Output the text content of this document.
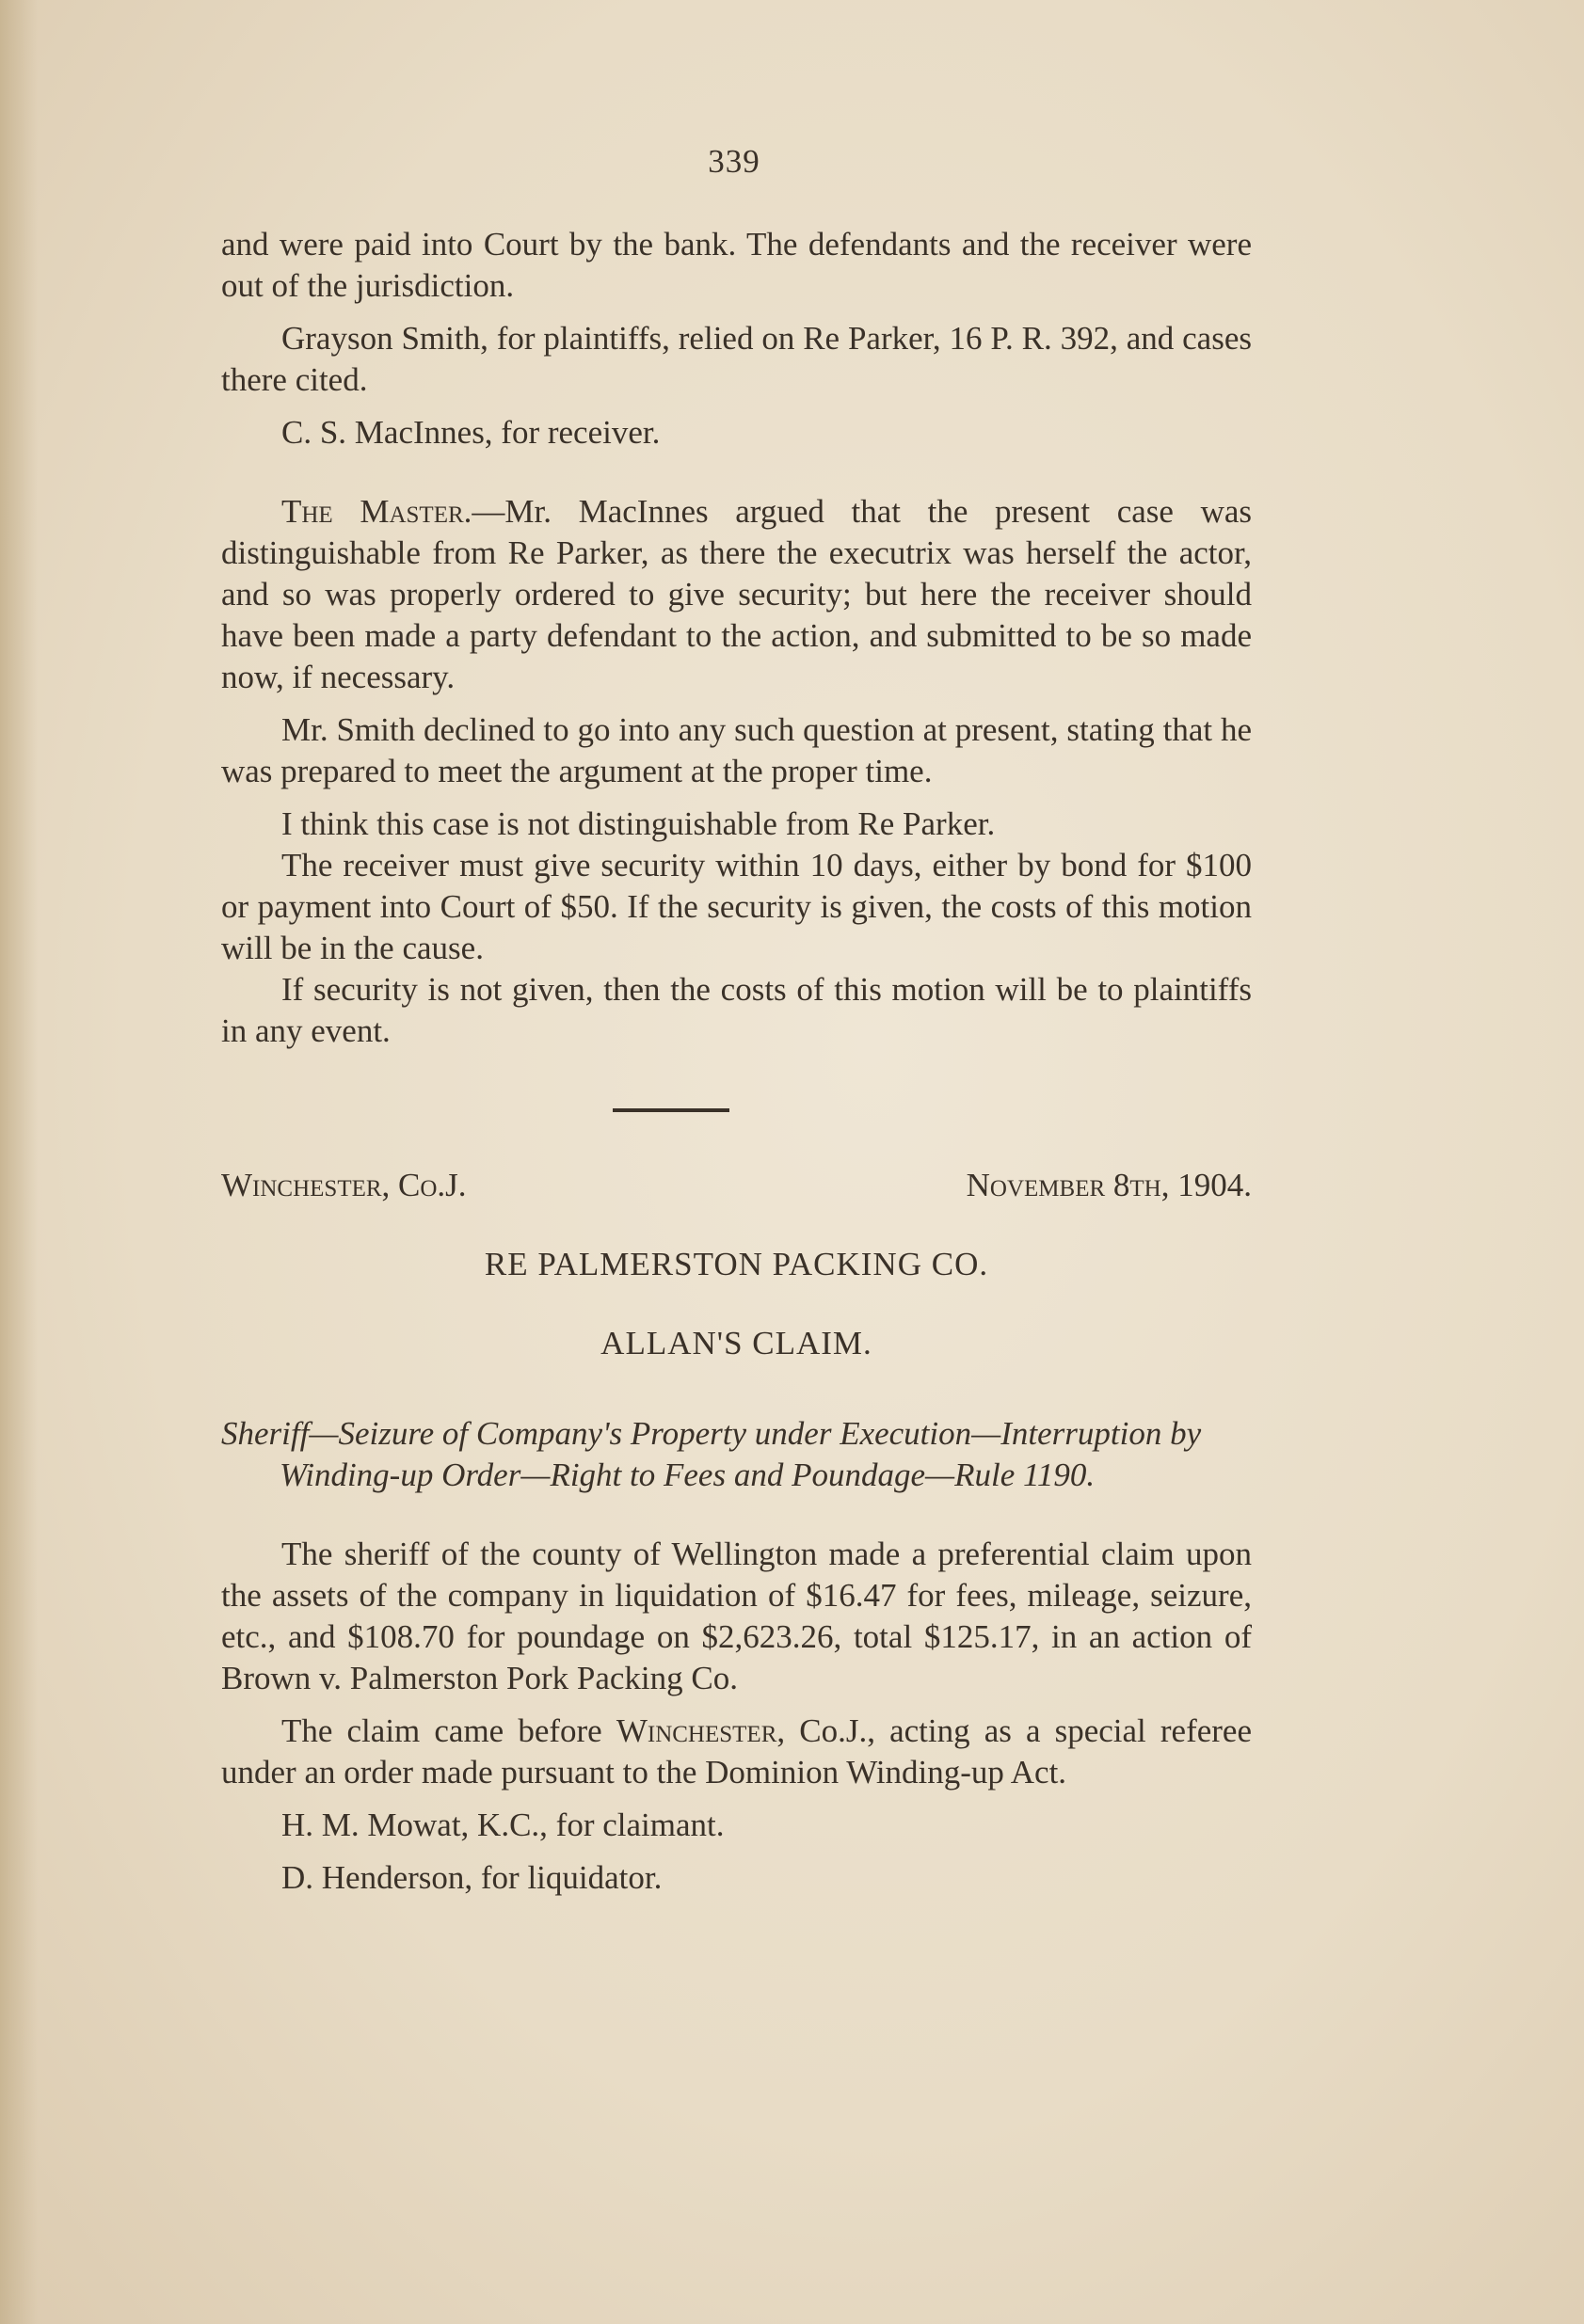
339

and were paid into Court by the bank. The defendants and the receiver were out of the jurisdiction.

Grayson Smith, for plaintiffs, relied on Re Parker, 16 P. R. 392, and cases there cited.

C. S. MacInnes, for receiver.

The Master.—Mr. MacInnes argued that the present case was distinguishable from Re Parker, as there the executrix was herself the actor, and so was properly ordered to give security; but here the receiver should have been made a party defendant to the action, and submitted to be so made now, if necessary.

Mr. Smith declined to go into any such question at present, stating that he was prepared to meet the argument at the proper time.

I think this case is not distinguishable from Re Parker.

The receiver must give security within 10 days, either by bond for $100 or payment into Court of $50. If the security is given, the costs of this motion will be in the cause.

If security is not given, then the costs of this motion will be to plaintiffs in any event.

Winchester, Co.J.	November 8th, 1904.
RE PALMERSTON PACKING CO.
ALLAN'S CLAIM.

Sheriff—Seizure of Company's Property under Execution—Interruption by Winding-up Order—Right to Fees and Poundage—Rule 1190.

The sheriff of the county of Wellington made a preferential claim upon the assets of the company in liquidation of $16.47 for fees, mileage, seizure, etc., and $108.70 for poundage on $2,623.26, total $125.17, in an action of Brown v. Palmerston Pork Packing Co.

The claim came before Winchester, Co.J., acting as a special referee under an order made pursuant to the Dominion Winding-up Act.

H. M. Mowat, K.C., for claimant.

D. Henderson, for liquidator.
